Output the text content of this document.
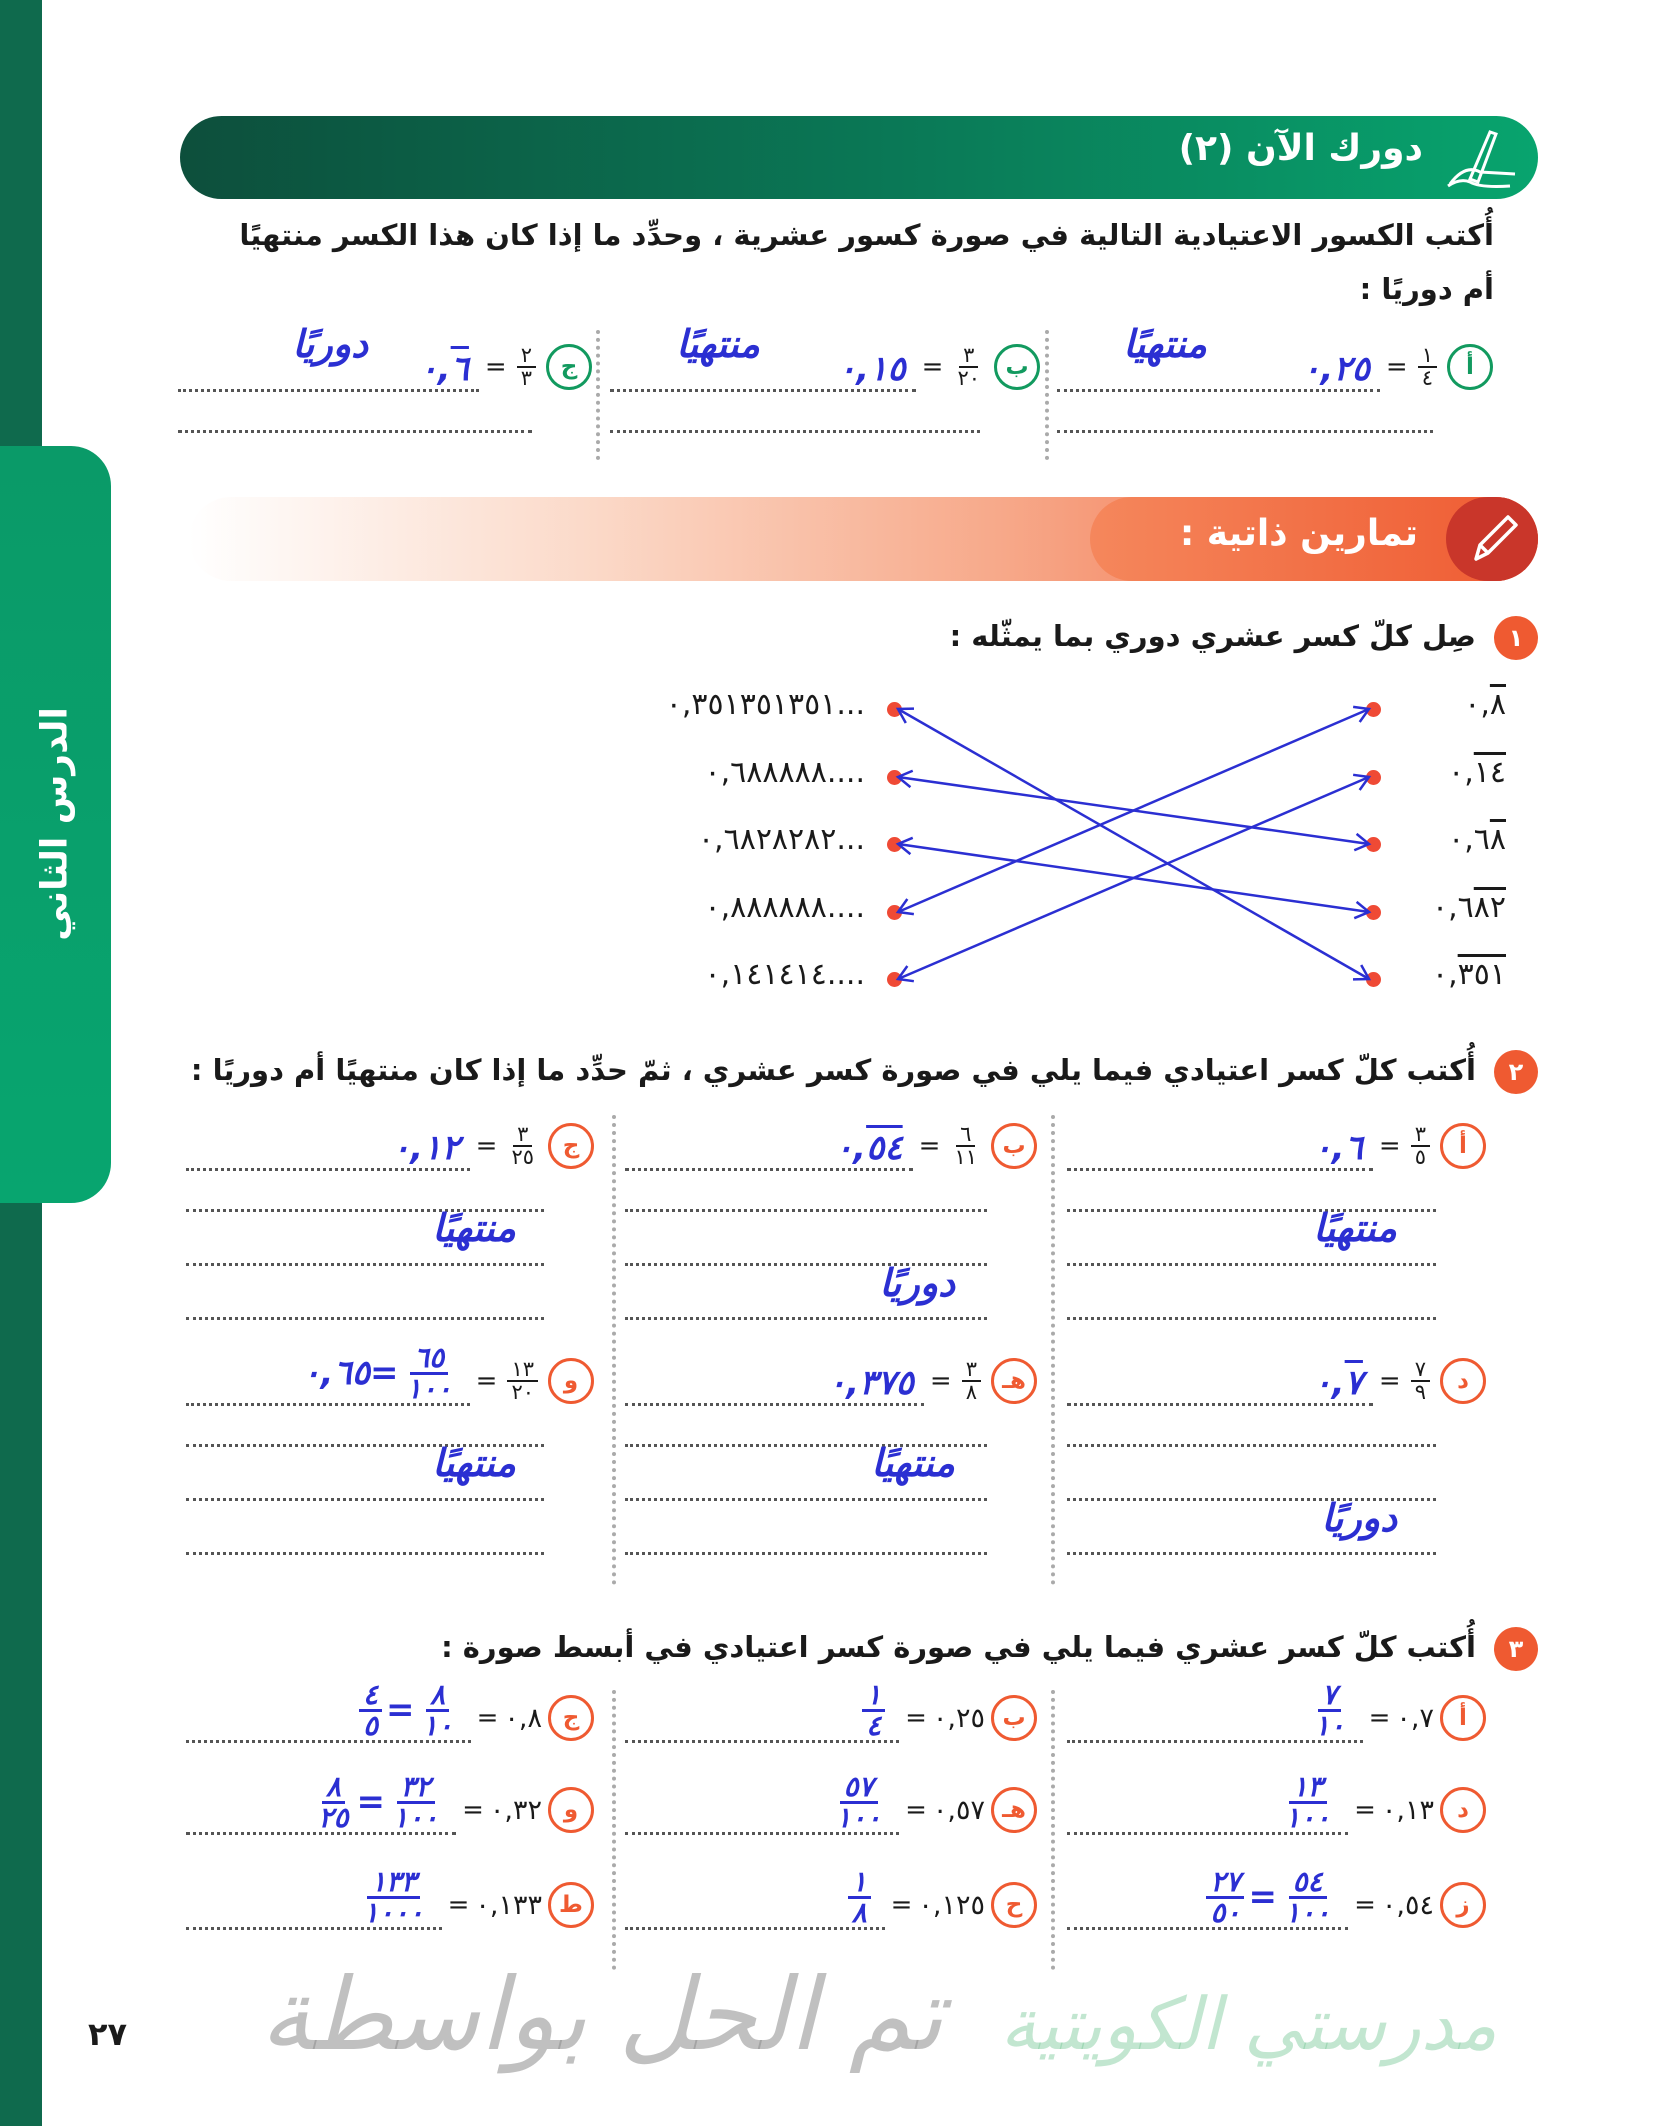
الدرس الثاني
دورك الآن (٢)
أُكتب الكسور الاعتيادية التالية في صورة كسور عشرية ، وحدِّد ما إذا كان هذا الكسر منتهيًا
أم دوريًا :
أ
$\frac{١}{٤}$
=
٠,٢٥
منتهيًا
ب
$\frac{٣}{٢٠}$
=
٠,١٥
منتهيًا
ج
$\frac{٢}{٣}$
=
٠,٦
دوريًا
تمارين ذاتية :
١ صِل كلّ كسر عشري دوري بما يمثّله :
٠,٣٥١٣٥١٣٥١...
٠,٦٨٨٨٨٨....
٠,٦٨٢٨٢٨٢...
٠,٨٨٨٨٨٨....
٠,١٤١٤١٤....
٠,٨
٠,١٤
٠,٦٨
٠,٦٨٢
٠,٣٥١
٢ أُكتب كلّ كسر اعتيادي فيما يلي في صورة كسر عشري ، ثمّ حدِّد ما إذا كان منتهيًا أم دوريًا :
أ
$\frac{٣}{٥}$
=
٠,٦
منتهيًا
ب
$\frac{٦}{١١}$
=
٠,٥٤
دوريًا
ج
$\frac{٣}{٢٥}$
=
٠,١٢
منتهيًا
د
$\frac{٧}{٩}$
=
٠,٧
دوريًا
هـ
$\frac{٣}{٨}$
=
٠,٣٧٥
منتهيًا
و
$\frac{١٣}{٢٠}$
=
٠,٦٥ = $\frac{٦٥}{١٠٠}$
منتهيًا
٣ أُكتب كلّ كسر عشري فيما يلي في صورة كسر اعتيادي في أبسط صورة :
أ
٠,٧
=
$\frac{٧}{١٠}$
ب
٠,٢٥
=
$\frac{١}{٤}$
ج
٠,٨
=
$\frac{٤}{٥} = \frac{٨}{١٠}$
د
٠,١٣
=
$\frac{١٣}{١٠٠}$
هـ
٠,٥٧
=
$\frac{٥٧}{١٠٠}$
و
٠,٣٢
=
$\frac{٨}{٢٥} = \frac{٣٢}{١٠٠}$
ز
٠,٥٤
=
$\frac{٢٧}{٥٠} = \frac{٥٤}{١٠٠}$
ح
٠,١٢٥
=
$\frac{١}{٨}$
ط
٠,١٣٣
=
$\frac{١٣٣}{١٠٠٠}$
تم الحل بواسطة مدرستي الكويتية
٢٧
